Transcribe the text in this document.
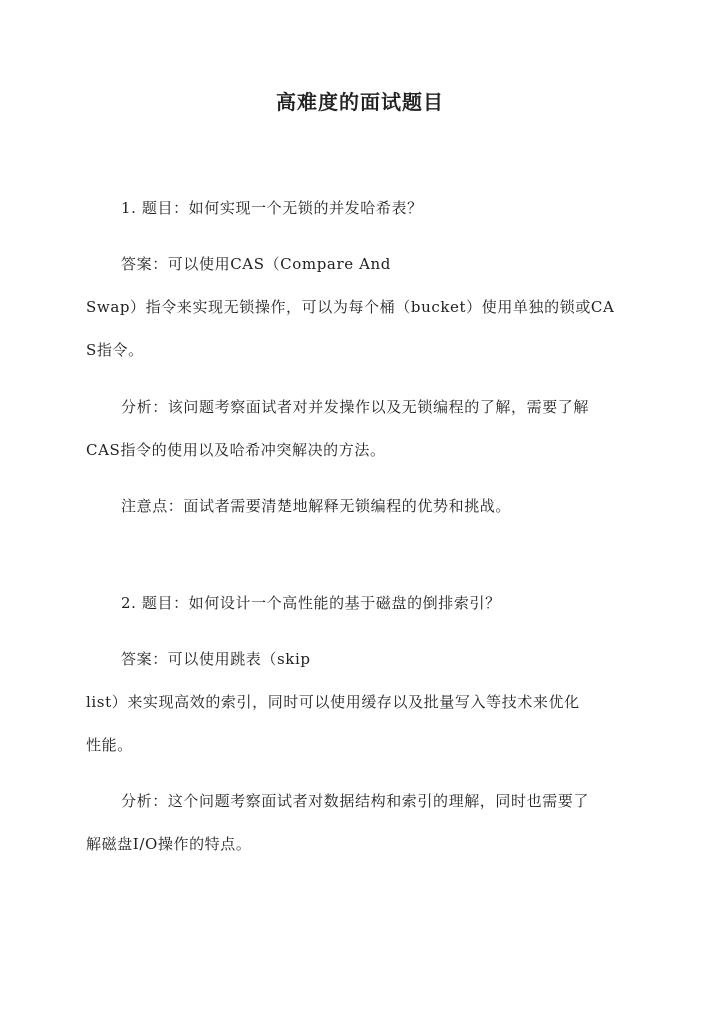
高难度的面试题目
1. 题目：如何实现一个无锁的并发哈希表？
答案：可以使用CAS（Compare And
Swap）指令来实现无锁操作，可以为每个桶（bucket）使用单独的锁或CA
S指令。
分析：该问题考察面试者对并发操作以及无锁编程的了解，需要了解
CAS指令的使用以及哈希冲突解决的方法。
注意点：面试者需要清楚地解释无锁编程的优势和挑战。
2. 题目：如何设计一个高性能的基于磁盘的倒排索引？
答案：可以使用跳表（skip
list）来实现高效的索引，同时可以使用缓存以及批量写入等技术来优化
性能。
分析：这个问题考察面试者对数据结构和索引的理解，同时也需要了
解磁盘I/O操作的特点。
